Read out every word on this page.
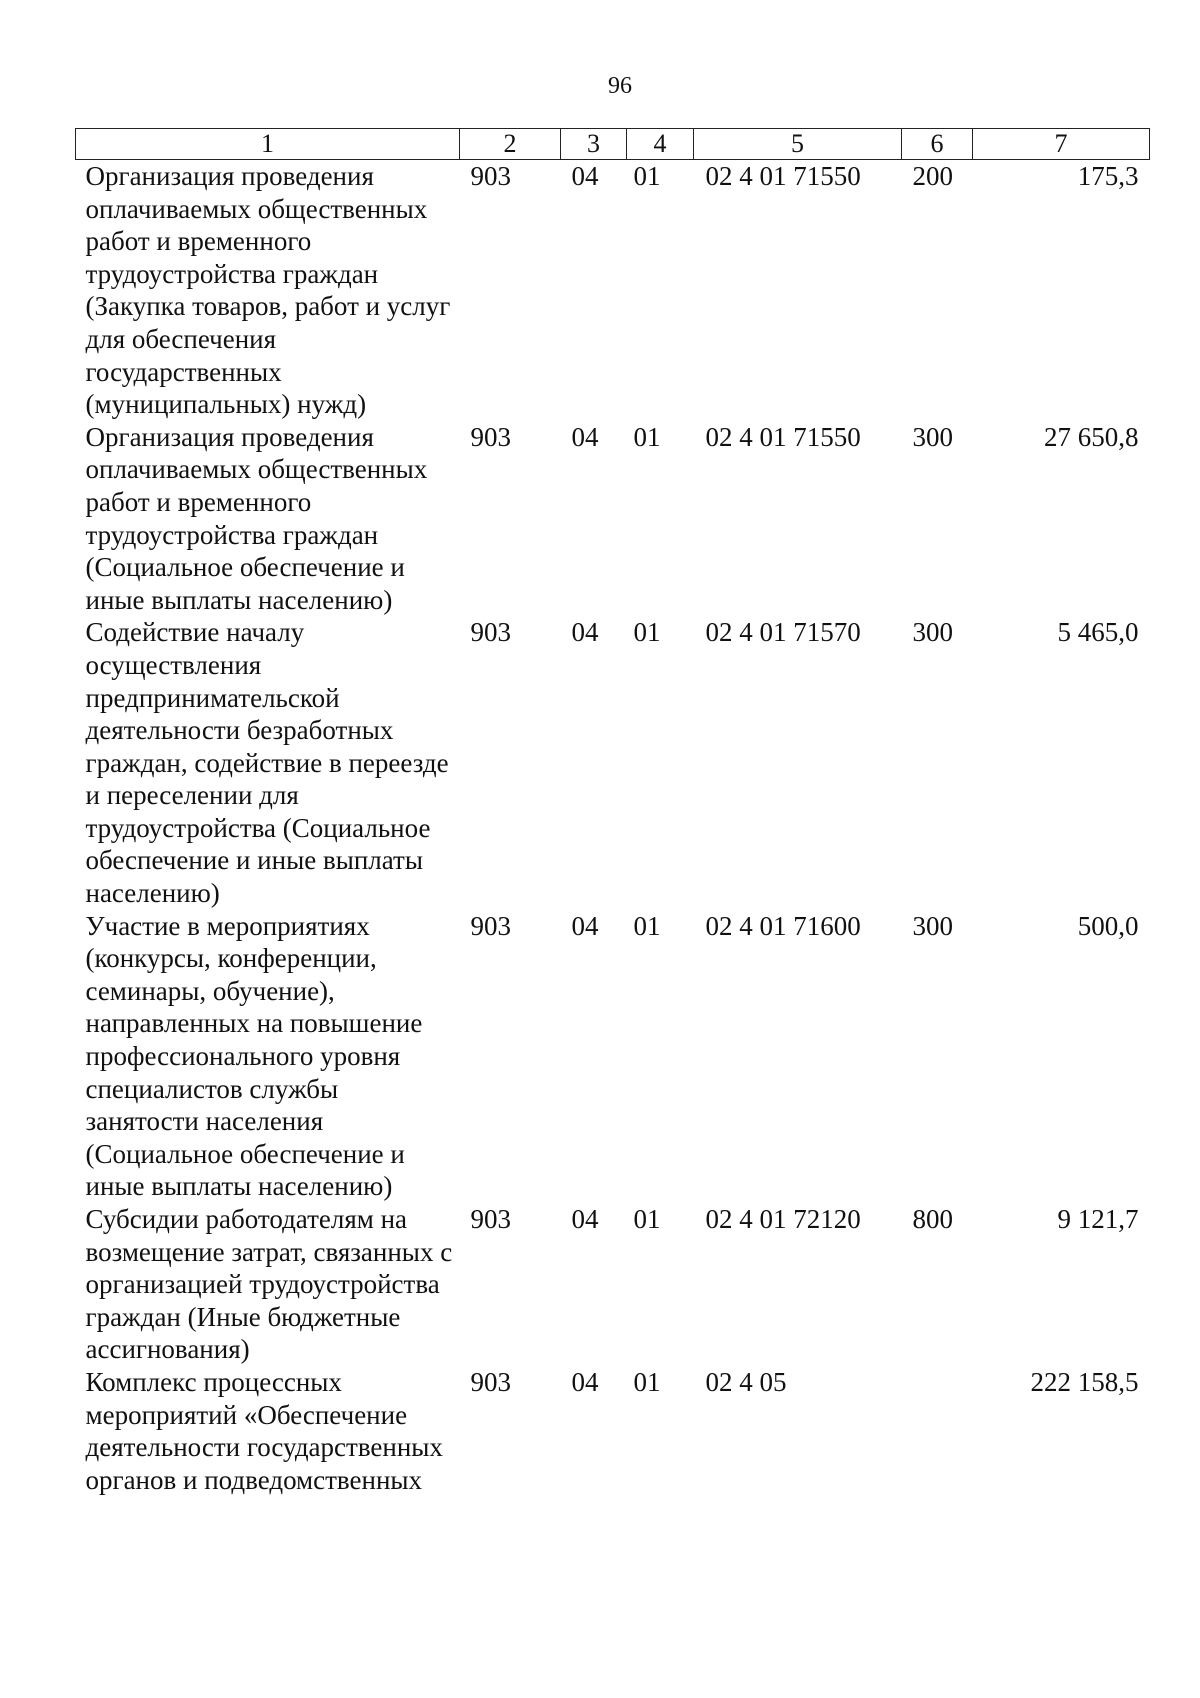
96
1	2	3	4	5	6	7
Организация проведения оплачиваемых общественных работ и временного трудоустройства граждан (Закупка товаров, работ и услуг для обеспечения государственных (муниципальных) нужд)	903	04	01	02 4 01 71550	200	175,3
Организация проведения оплачиваемых общественных работ и временного трудоустройства граждан (Социальное обеспечение и иные выплаты населению)	903	04	01	02 4 01 71550	300	27 650,8
Содействие началу осуществления предпринимательской деятельности безработных граждан, содействие в переезде и переселении для трудоустройства (Социальное обеспечение и иные выплаты населению)	903	04	01	02 4 01 71570	300	5 465,0
Участие в мероприятиях (конкурсы, конференции, семинары, обучение), направленных на повышение профессионального уровня специалистов службы занятости населения (Социальное обеспечение и иные выплаты населению)	903	04	01	02 4 01 71600	300	500,0
Субсидии работодателям на возмещение затрат, связанных с организацией трудоустройства граждан (Иные бюджетные ассигнования)	903	04	01	02 4 01 72120	800	9 121,7
Комплекс процессных мероприятий «Обеспечение деятельности государственных органов и подведомственных	903	04	01	02 4 05		222 158,5
